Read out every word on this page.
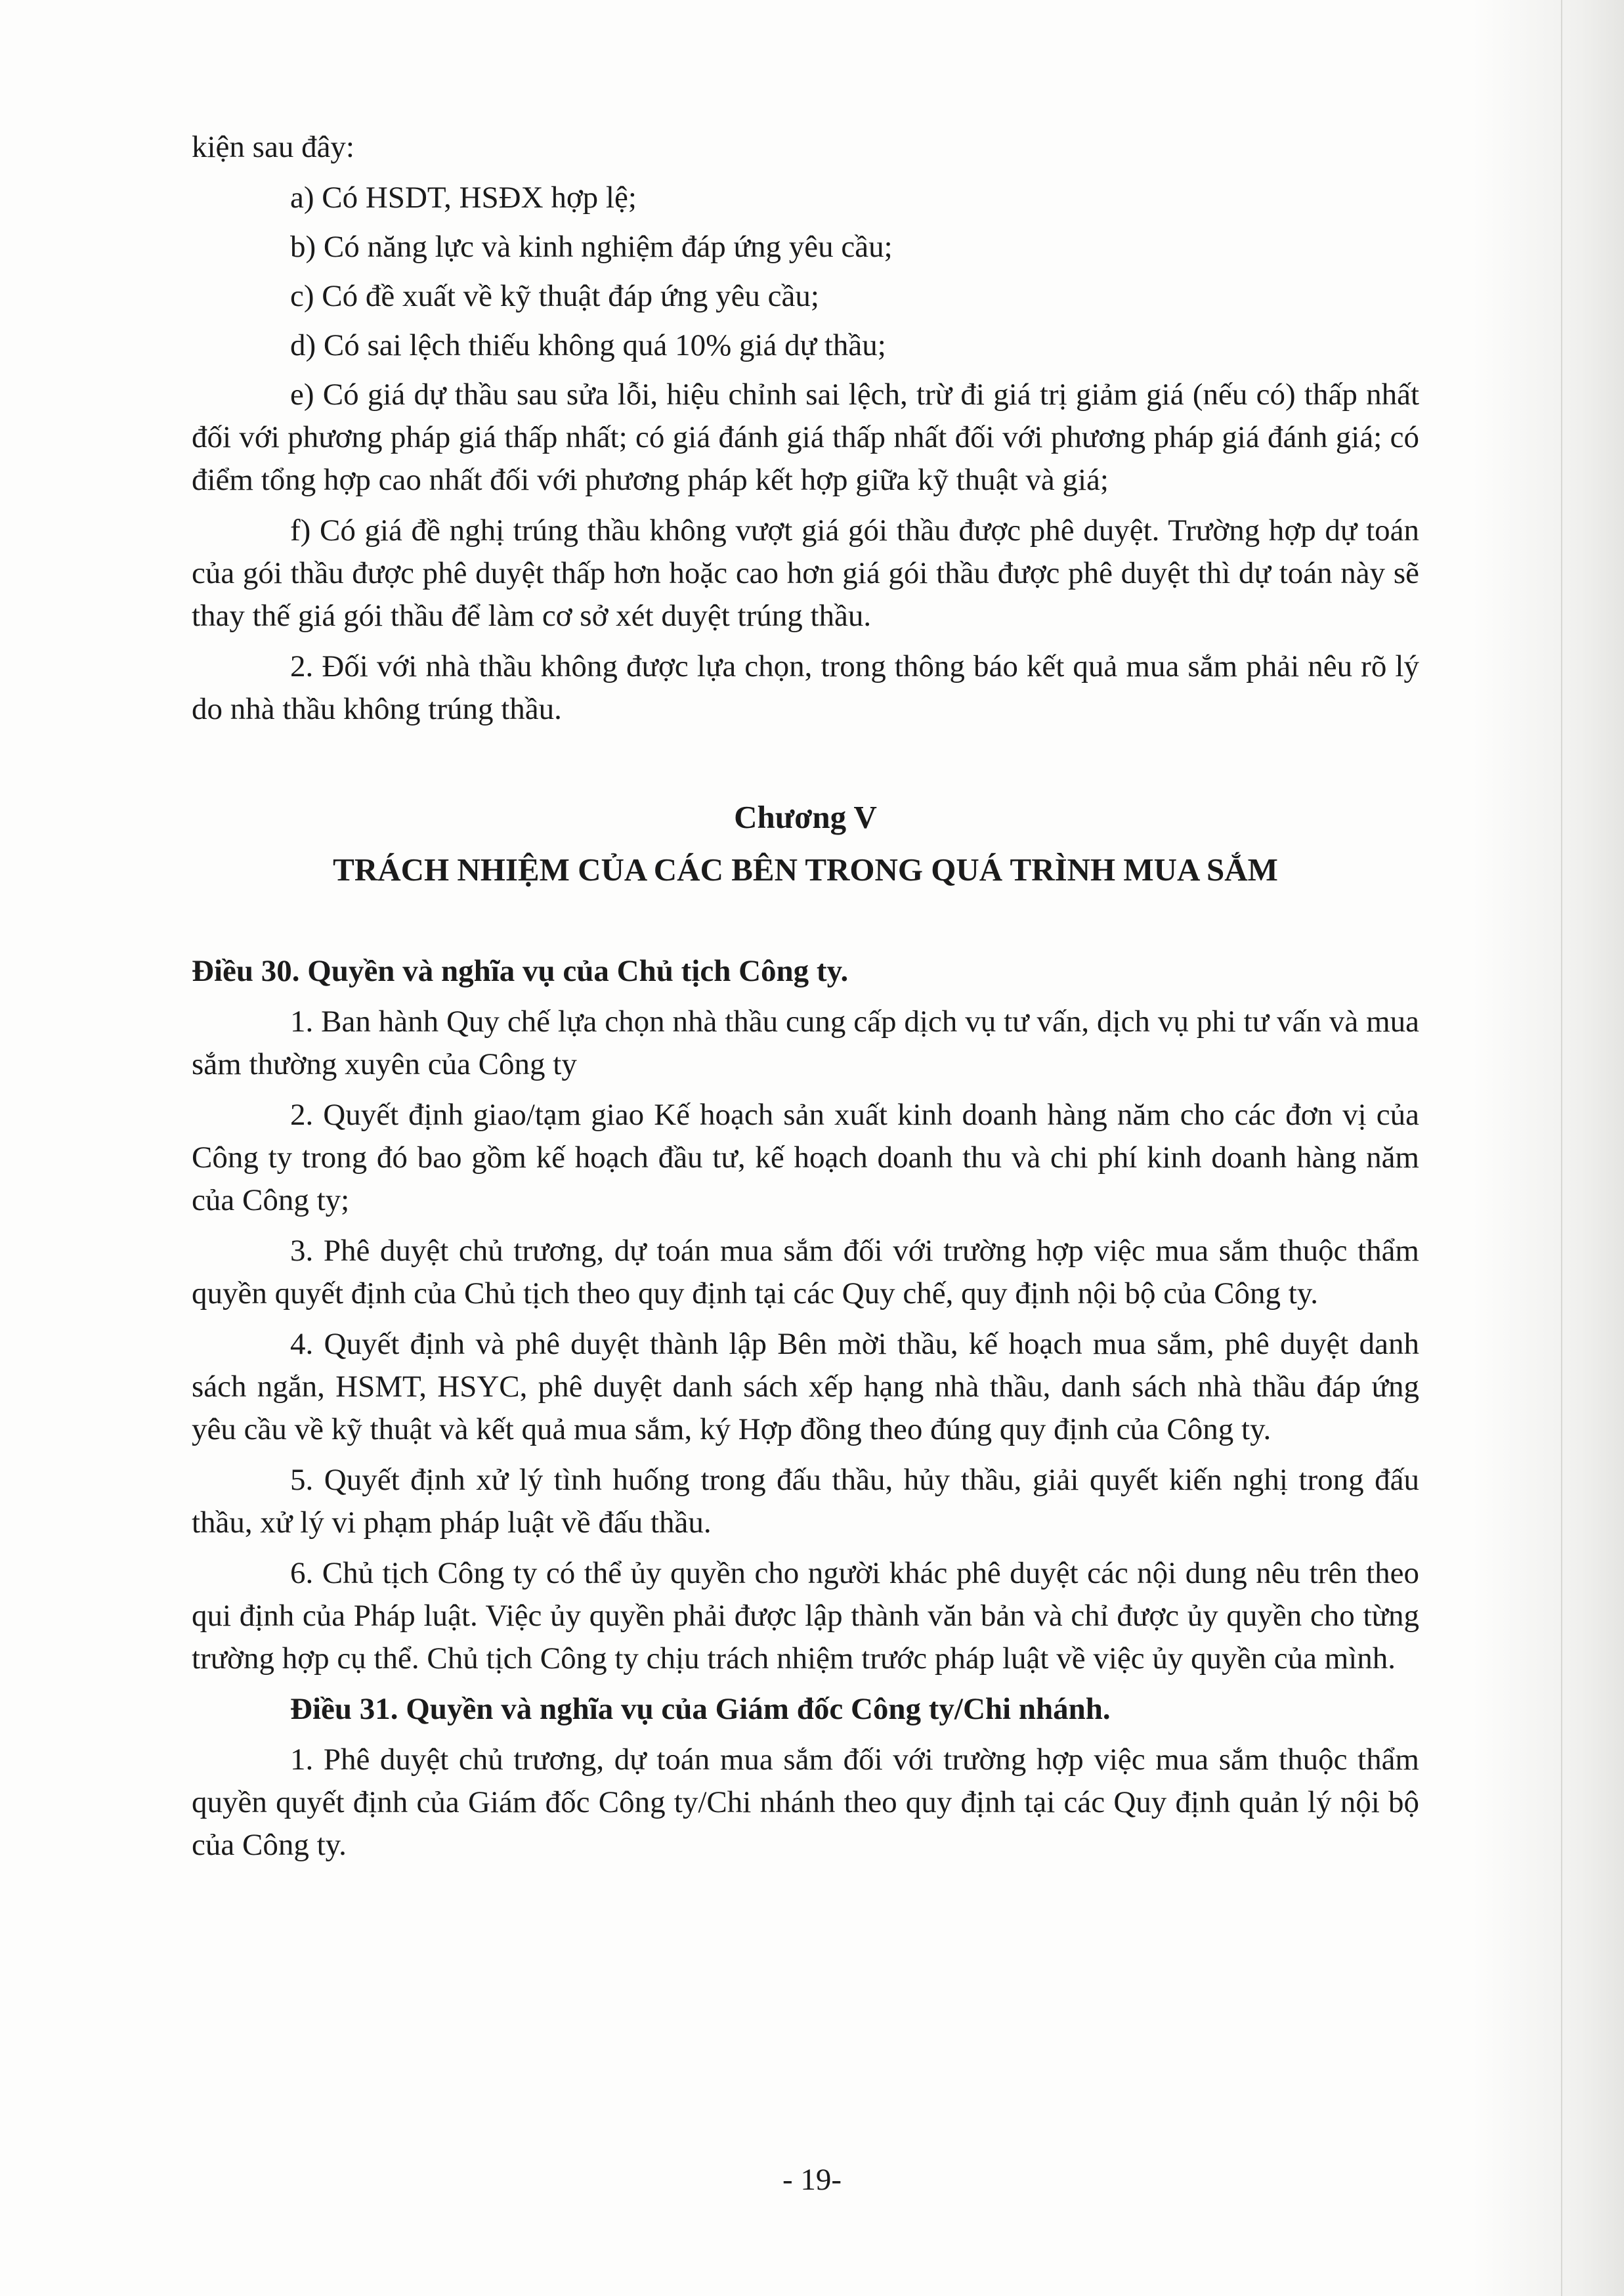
kiện sau đây:

a) Có HSDT, HSĐX hợp lệ;

b) Có năng lực và kinh nghiệm đáp ứng yêu cầu;

c) Có đề xuất về kỹ thuật đáp ứng yêu cầu;

d) Có sai lệch thiếu không quá 10% giá dự thầu;

e) Có giá dự thầu sau sửa lỗi, hiệu chỉnh sai lệch, trừ đi giá trị giảm giá (nếu có) thấp nhất đối với phương pháp giá thấp nhất; có giá đánh giá thấp nhất đối với phương pháp giá đánh giá; có điểm tổng hợp cao nhất đối với phương pháp kết hợp giữa kỹ thuật và giá;

f) Có giá đề nghị trúng thầu không vượt giá gói thầu được phê duyệt. Trường hợp dự toán của gói thầu được phê duyệt thấp hơn hoặc cao hơn giá gói thầu được phê duyệt thì dự toán này sẽ thay thế giá gói thầu để làm cơ sở xét duyệt trúng thầu.

2. Đối với nhà thầu không được lựa chọn, trong thông báo kết quả mua sắm phải nêu rõ lý do nhà thầu không trúng thầu.

Chương V

TRÁCH NHIỆM CỦA CÁC BÊN TRONG QUÁ TRÌNH MUA SẮM

Điều 30. Quyền và nghĩa vụ của Chủ tịch Công ty.

1. Ban hành Quy chế lựa chọn nhà thầu cung cấp dịch vụ tư vấn, dịch vụ phi tư vấn và mua sắm thường xuyên của Công ty

2. Quyết định giao/tạm giao Kế hoạch sản xuất kinh doanh hàng năm cho các đơn vị của Công ty trong đó bao gồm kế hoạch đầu tư, kế hoạch doanh thu và chi phí kinh doanh hàng năm của Công ty;

3. Phê duyệt chủ trương, dự toán mua sắm đối với trường hợp việc mua sắm thuộc thẩm quyền quyết định của Chủ tịch theo quy định tại các Quy chế, quy định nội bộ của Công ty.

4. Quyết định và phê duyệt thành lập Bên mời thầu, kế hoạch mua sắm, phê duyệt danh sách ngắn, HSMT, HSYC, phê duyệt danh sách xếp hạng nhà thầu, danh sách nhà thầu đáp ứng yêu cầu về kỹ thuật và kết quả mua sắm, ký Hợp đồng theo đúng quy định của Công ty.

5. Quyết định xử lý tình huống trong đấu thầu, hủy thầu, giải quyết kiến nghị trong đấu thầu, xử lý vi phạm pháp luật về đấu thầu.

6. Chủ tịch Công ty có thể ủy quyền cho người khác phê duyệt các nội dung nêu trên theo qui định của Pháp luật. Việc ủy quyền phải được lập thành văn bản và chỉ được ủy quyền cho từng trường hợp cụ thể. Chủ tịch Công ty chịu trách nhiệm trước pháp luật về việc ủy quyền của mình.

Điều 31. Quyền và nghĩa vụ của Giám đốc Công ty/Chi nhánh.

1. Phê duyệt chủ trương, dự toán mua sắm đối với trường hợp việc mua sắm thuộc thẩm quyền quyết định của Giám đốc Công ty/Chi nhánh theo quy định tại các Quy định quản lý nội bộ của Công ty.

- 19-
